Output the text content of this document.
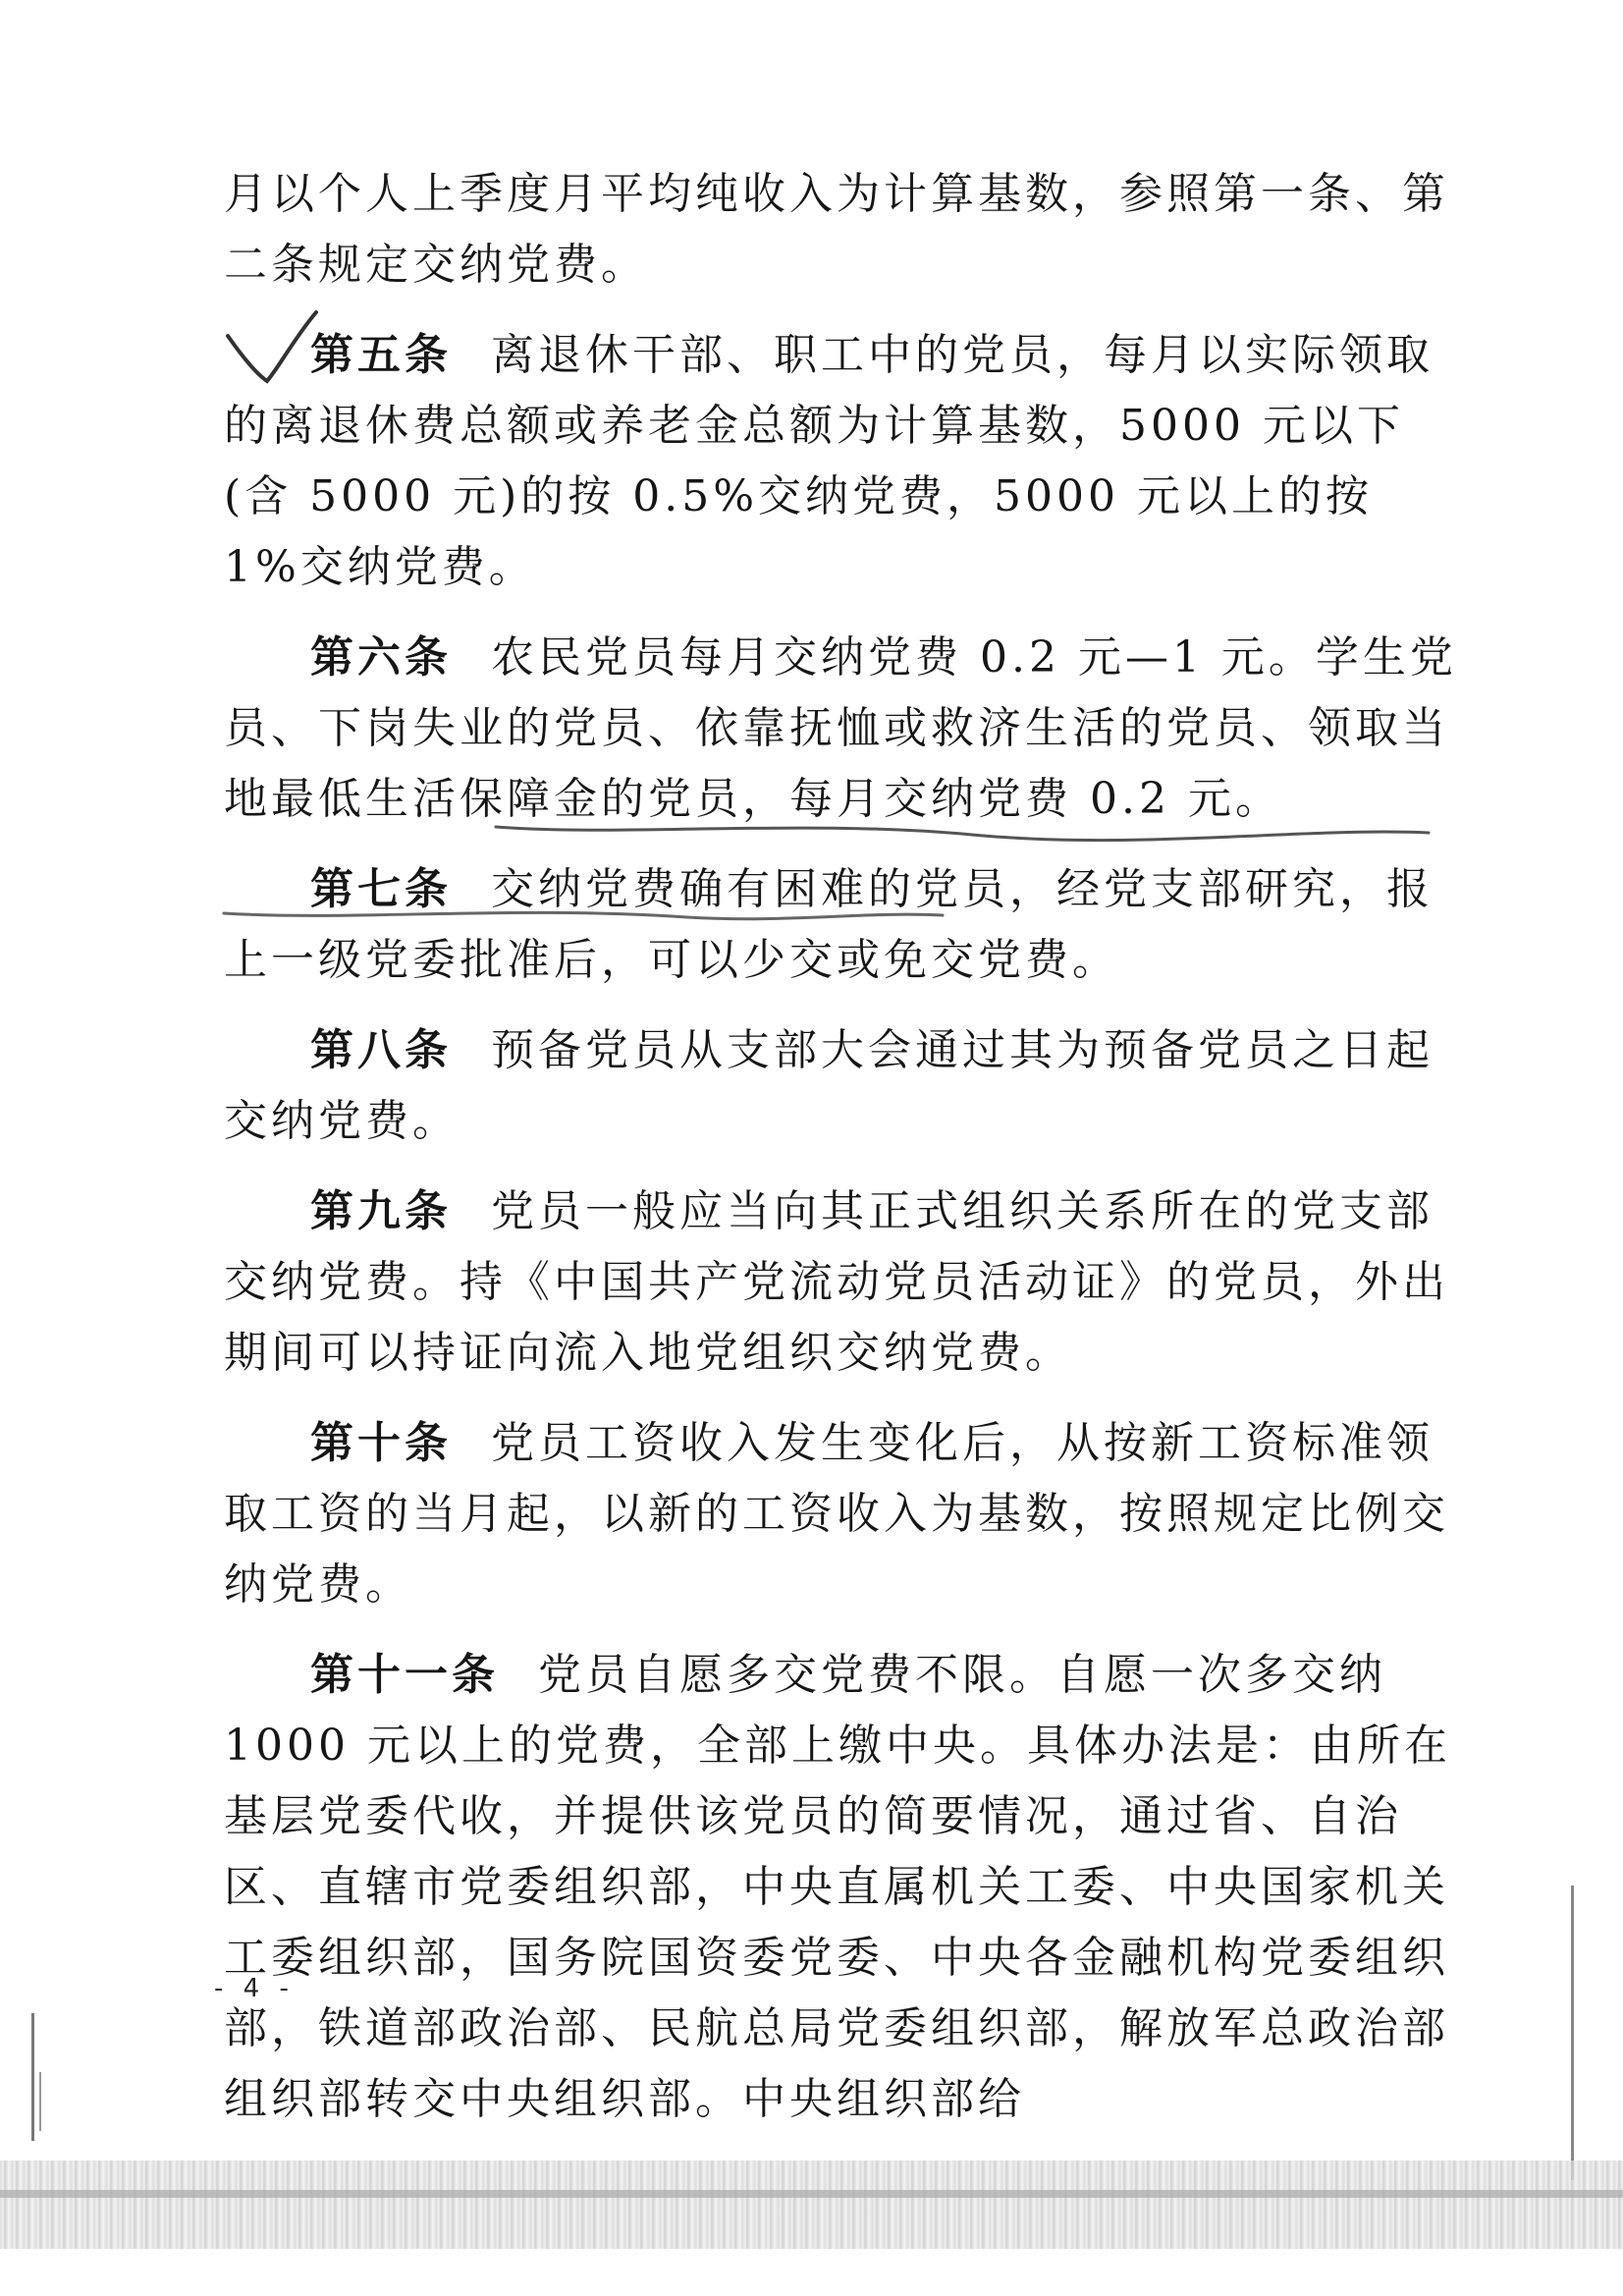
月以个人上季度月平均纯收入为计算基数，参照第一条、第二条规定交纳党费。

第五条 离退休干部、职工中的党员，每月以实际领取的离退休费总额或养老金总额为计算基数，5000 元以下(含 5000 元)的按 0.5%交纳党费，5000 元以上的按 1%交纳党费。

第六条 农民党员每月交纳党费 0.2 元—1 元。学生党员、下岗失业的党员、依靠抚恤或救济生活的党员、领取当地最低生活保障金的党员，每月交纳党费 0.2 元。

第七条 交纳党费确有困难的党员，经党支部研究，报上一级党委批准后，可以少交或免交党费。

第八条 预备党员从支部大会通过其为预备党员之日起交纳党费。

第九条 党员一般应当向其正式组织关系所在的党支部交纳党费。持《中国共产党流动党员活动证》的党员，外出期间可以持证向流入地党组织交纳党费。

第十条 党员工资收入发生变化后，从按新工资标准领取工资的当月起，以新的工资收入为基数，按照规定比例交纳党费。

第十一条 党员自愿多交党费不限。自愿一次多交纳 1000 元以上的党费，全部上缴中央。具体办法是：由所在基层党委代收，并提供该党员的简要情况，通过省、自治区、直辖市党委组织部，中央直属机关工委、中央国家机关工委组织部，国务院国资委党委、中央各金融机构党委组织部，铁道部政治部、民航总局党委组织部，解放军总政治部组织部转交中央组织部。中央组织部给

- 4 -
